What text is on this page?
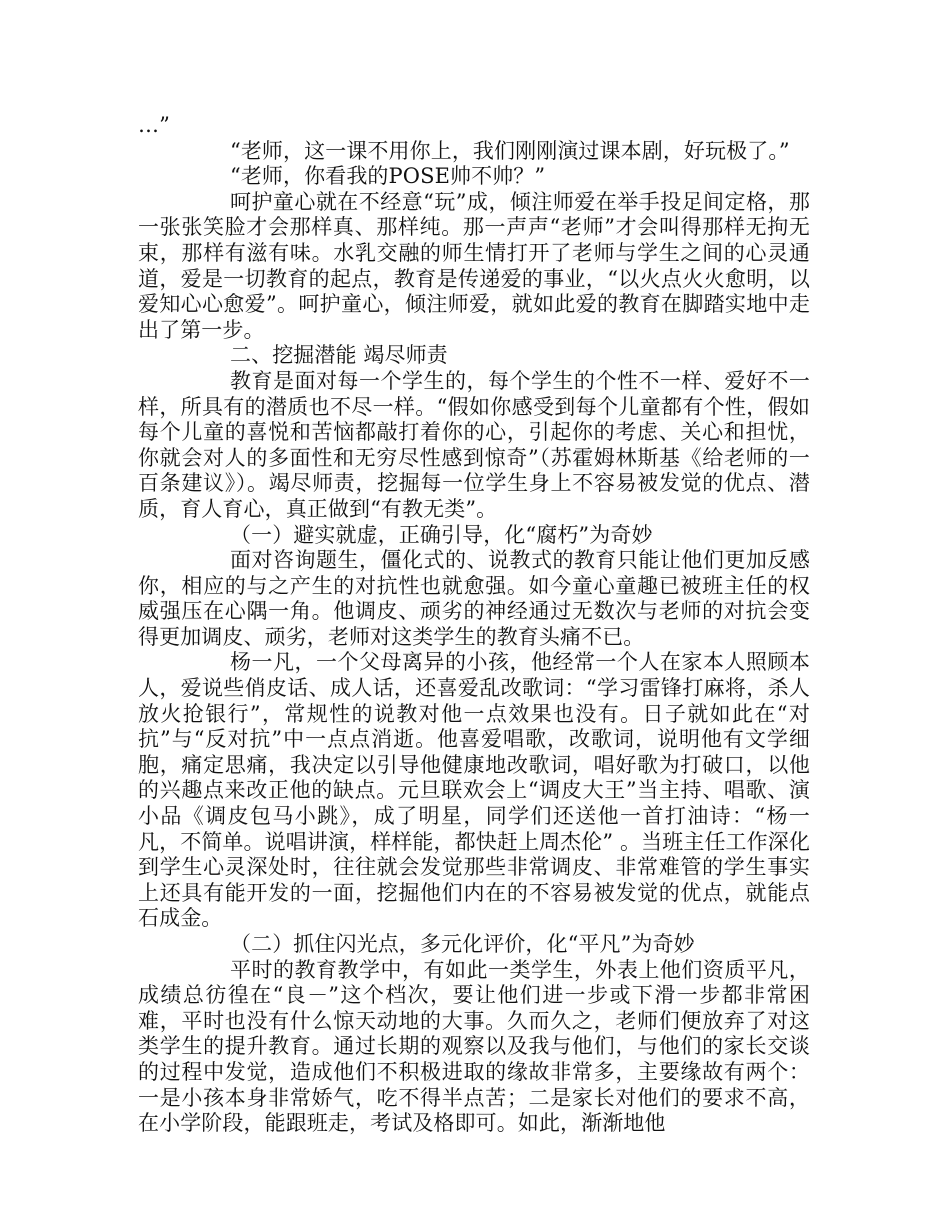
…”

“老师，这一课不用你上，我们刚刚演过课本剧，好玩极了。”

“老师，你看我的POSE帅不帅？”

呵护童心就在不经意“玩”成，倾注师爱在举手投足间定格，那一张张笑脸才会那样真、那样纯。那一声声“老师”才会叫得那样无拘无束，那样有滋有味。水乳交融的师生情打开了老师与学生之间的心灵通道，爱是一切教育的起点，教育是传递爱的事业，“以火点火火愈明，以爱知心心愈爱”。呵护童心，倾注师爱，就如此爱的教育在脚踏实地中走出了第一步。

二、挖掘潜能 竭尽师责

教育是面对每一个学生的，每个学生的个性不一样、爱好不一样，所具有的潜质也不尽一样。“假如你感受到每个儿童都有个性，假如每个儿童的喜悦和苦恼都敲打着你的心，引起你的考虑、关心和担忧，你就会对人的多面性和无穷尽性感到惊奇”（苏霍姆林斯基《给老师的一百条建议》）。竭尽师责，挖掘每一位学生身上不容易被发觉的优点、潜质，育人育心，真正做到“有教无类”。

（一）避实就虚，正确引导，化“腐朽”为奇妙

面对咨询题生，僵化式的、说教式的教育只能让他们更加反感你，相应的与之产生的对抗性也就愈强。如今童心童趣已被班主任的权威强压在心隅一角。他调皮、顽劣的神经通过无数次与老师的对抗会变得更加调皮、顽劣，老师对这类学生的教育头痛不已。

杨一凡，一个父母离异的小孩，他经常一个人在家本人照顾本人，爱说些俏皮话、成人话，还喜爱乱改歌词：“学习雷锋打麻将，杀人放火抢银行”，常规性的说教对他一点效果也没有。日子就如此在“对抗”与“反对抗”中一点点消逝。他喜爱唱歌，改歌词，说明他有文学细胞，痛定思痛，我决定以引导他健康地改歌词，唱好歌为打破口，以他的兴趣点来改正他的缺点。元旦联欢会上“调皮大王”当主持、唱歌、演小品《调皮包马小跳》，成了明星，同学们还送他一首打油诗：“杨一凡，不简单。说唱讲演，样样能，都快赶上周杰伦” 。当班主任工作深化到学生心灵深处时，往往就会发觉那些非常调皮、非常难管的学生事实上还具有能开发的一面，挖掘他们内在的不容易被发觉的优点，就能点石成金。

（二）抓住闪光点，多元化评价，化“平凡”为奇妙

平时的教育教学中，有如此一类学生，外表上他们资质平凡，成绩总彷徨在“良－”这个档次，要让他们进一步或下滑一步都非常困难，平时也没有什么惊天动地的大事。久而久之，老师们便放弃了对这类学生的提升教育。通过长期的观察以及我与他们，与他们的家长交谈的过程中发觉，造成他们不积极进取的缘故非常多，主要缘故有两个：一是小孩本身非常娇气，吃不得半点苦；二是家长对他们的要求不高，在小学阶段，能跟班走，考试及格即可。如此，渐渐地他
